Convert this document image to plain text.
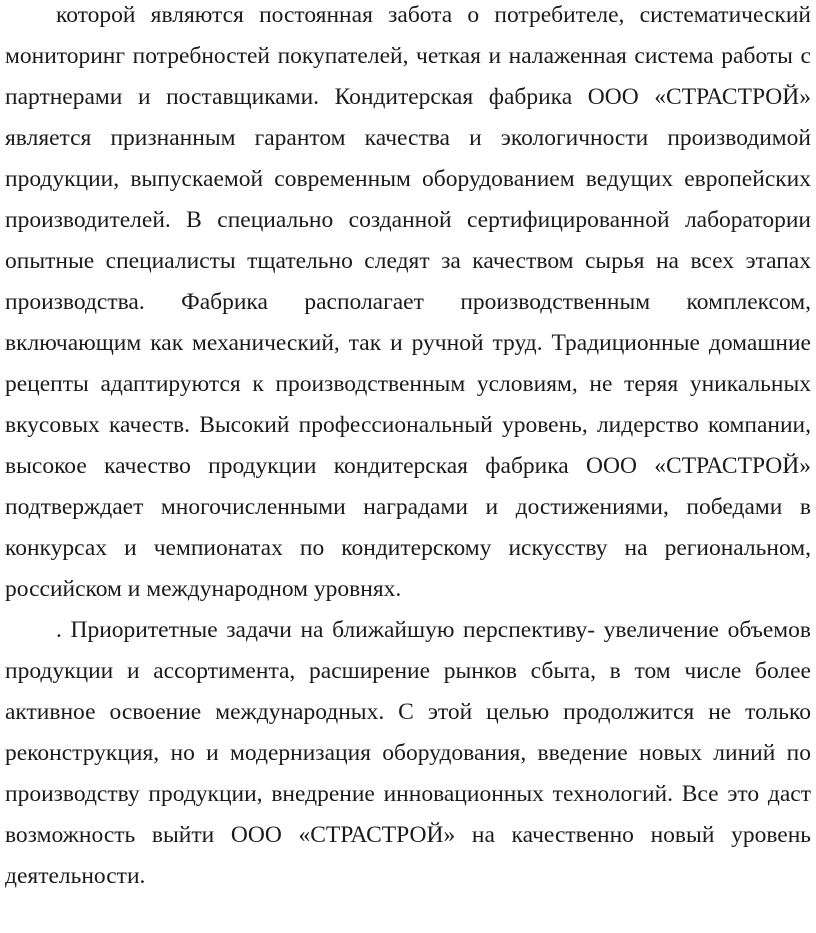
которой являются постоянная забота о потребителе, систематический
мониторинг потребностей покупателей, четкая и налаженная система работы с
партнерами и поставщиками. Кондитерская фабрика ООО «СТРАСТРОЙ»
является признанным гарантом качества и экологичности производимой
продукции, выпускаемой современным оборудованием ведущих европейских
производителей. В специально созданной сертифицированной лаборатории
опытные специалисты тщательно следят за качеством сырья на всех этапах
производства. Фабрика располагает производственным комплексом,
включающим как механический, так и ручной труд. Традиционные домашние
рецепты адаптируются к производственным условиям, не теряя уникальных
вкусовых качеств. Высокий профессиональный уровень, лидерство компании,
высокое качество продукции кондитерская фабрика ООО «СТРАСТРОЙ»
подтверждает многочисленными наградами и достижениями, победами в
конкурсах и чемпионатах по кондитерскому искусству на региональном,
российском и международном уровнях.
. Приоритетные задачи на ближайшую перспективу- увеличение объемов
продукции и ассортимента, расширение рынков сбыта, в том числе более
активное освоение международных. С этой целью продолжится не только
реконструкция, но и модернизация оборудования, введение новых линий по
производству продукции, внедрение инновационных технологий. Все это даст
возможность выйти ООО «СТРАСТРОЙ» на качественно новый уровень
деятельности.
